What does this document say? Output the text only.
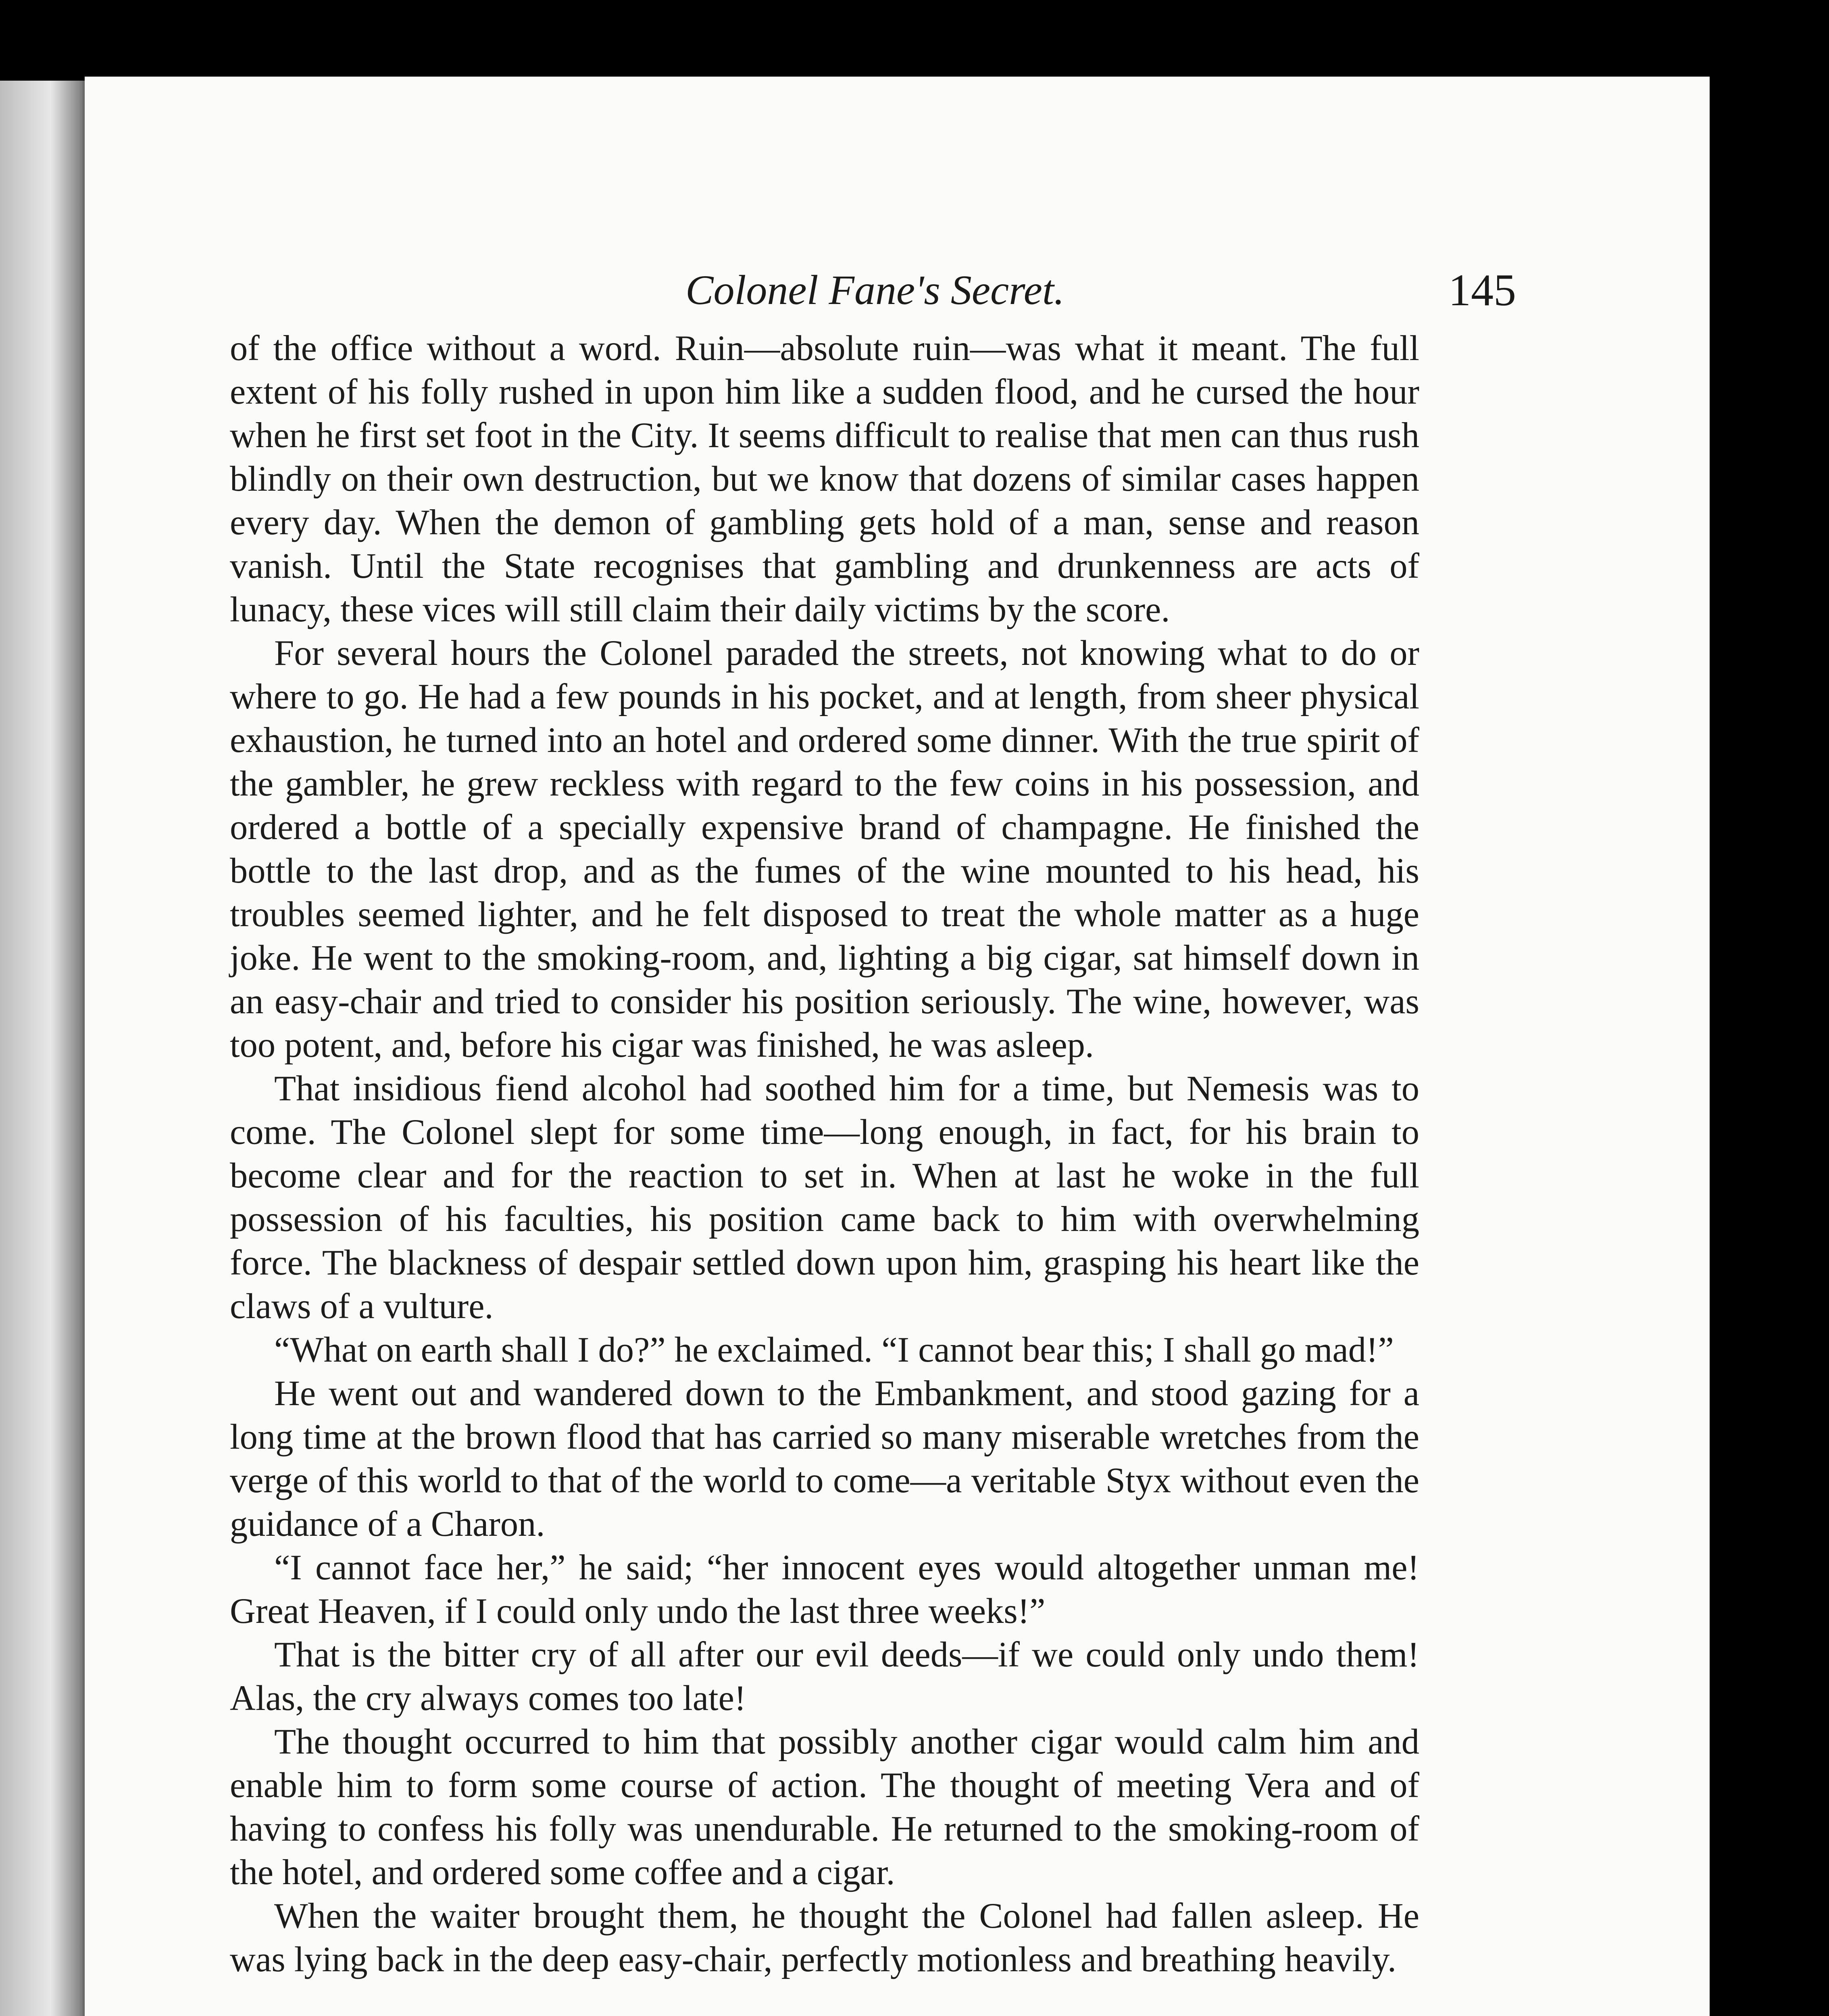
Colonel Fane's Secret.	145

of the office without a word. Ruin—absolute ruin—was what it meant. The full extent of his folly rushed in upon him like a sudden flood, and he cursed the hour when he first set foot in the City. It seems difficult to realise that men can thus rush blindly on their own destruction, but we know that dozens of similar cases happen every day. When the demon of gambling gets hold of a man, sense and reason vanish. Until the State recognises that gambling and drunkenness are acts of lunacy, these vices will still claim their daily victims by the score.

For several hours the Colonel paraded the streets, not knowing what to do or where to go. He had a few pounds in his pocket, and at length, from sheer physical exhaustion, he turned into an hotel and ordered some dinner. With the true spirit of the gambler, he grew reckless with regard to the few coins in his possession, and ordered a bottle of a specially expensive brand of champagne. He finished the bottle to the last drop, and as the fumes of the wine mounted to his head, his troubles seemed lighter, and he felt disposed to treat the whole matter as a huge joke. He went to the smoking-room, and, lighting a big cigar, sat himself down in an easy-chair and tried to consider his position seriously. The wine, however, was too potent, and, before his cigar was finished, he was asleep.

That insidious fiend alcohol had soothed him for a time, but Nemesis was to come. The Colonel slept for some time—long enough, in fact, for his brain to become clear and for the reaction to set in. When at last he woke in the full possession of his faculties, his position came back to him with overwhelming force. The blackness of despair settled down upon him, grasping his heart like the claws of a vulture.

“What on earth shall I do?” he exclaimed. “I cannot bear this; I shall go mad!”

He went out and wandered down to the Embankment, and stood gazing for a long time at the brown flood that has carried so many miserable wretches from the verge of this world to that of the world to come—a veritable Styx without even the guidance of a Charon.

“I cannot face her,” he said; “her innocent eyes would altogether unman me! Great Heaven, if I could only undo the last three weeks!”

That is the bitter cry of all after our evil deeds—if we could only undo them! Alas, the cry always comes too late!

The thought occurred to him that possibly another cigar would calm him and enable him to form some course of action. The thought of meeting Vera and of having to confess his folly was unendurable. He returned to the smoking-room of the hotel, and ordered some coffee and a cigar.

When the waiter brought them, he thought the Colonel had fallen asleep. He was lying back in the deep easy-chair, perfectly motionless and breathing heavily.
